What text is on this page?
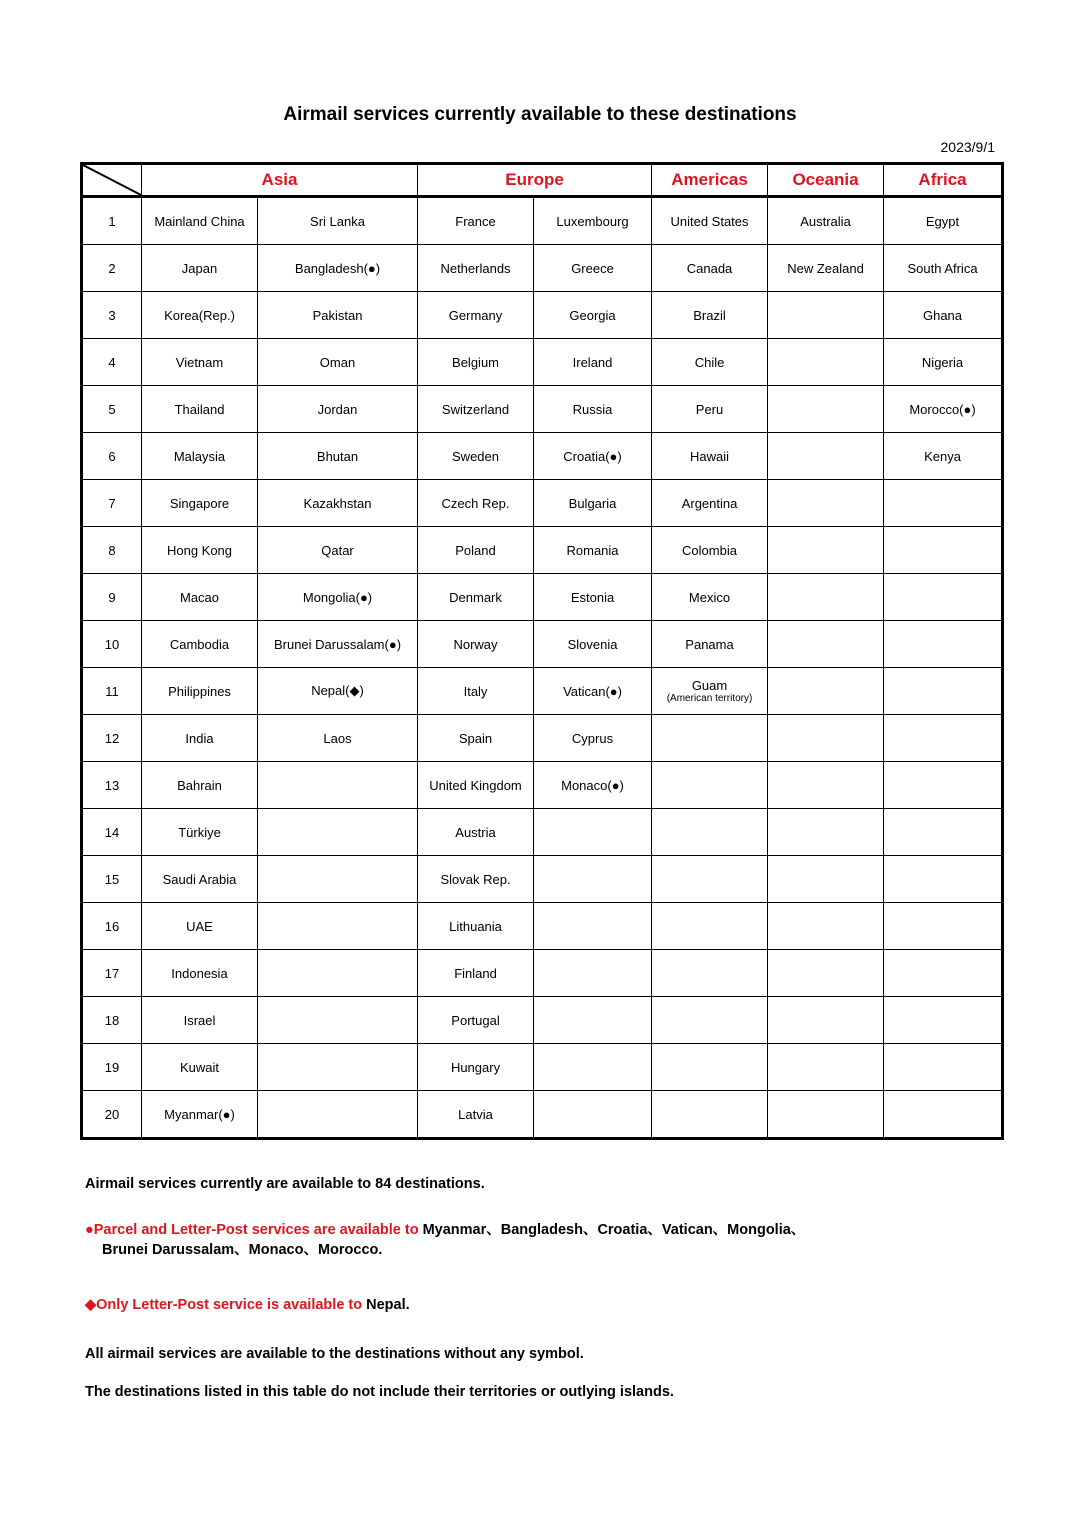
Airmail services currently available to these destinations
2023/9/1
	Asia		Europe		Americas	Oceania	Africa
1	Mainland China	Sri Lanka	France	Luxembourg	United States	Australia	Egypt
2	Japan	Bangladesh(●)	Netherlands	Greece	Canada	New Zealand	South Africa
3	Korea(Rep.)	Pakistan	Germany	Georgia	Brazil		Ghana
4	Vietnam	Oman	Belgium	Ireland	Chile		Nigeria
5	Thailand	Jordan	Switzerland	Russia	Peru		Morocco(●)
6	Malaysia	Bhutan	Sweden	Croatia(●)	Hawaii		Kenya
7	Singapore	Kazakhstan	Czech Rep.	Bulgaria	Argentina		
8	Hong Kong	Qatar	Poland	Romania	Colombia		
9	Macao	Mongolia(●)	Denmark	Estonia	Mexico		
10	Cambodia	Brunei Darussalam(●)	Norway	Slovenia	Panama		
11	Philippines	Nepal(◆)	Italy	Vatican(●)	Guam
(American territory)		

12	India	Laos	Spain	Cyprus			
13	Bahrain		United Kingdom	Monaco(●)			
14	Türkiye		Austria				
15	Saudi Arabia		Slovak Rep.				
16	UAE		Lithuania				
17	Indonesia		Finland				
18	Israel		Portugal				
19	Kuwait		Hungary				
20	Myanmar(●)		Latvia				
Airmail services currently are available to 84 destinations.
●Parcel and Letter-Post services are available to Myanmar、Bangladesh、Croatia、Vatican、Mongolia、
Brunei Darussalam、Monaco、Morocco.
◆Only Letter-Post service is available to Nepal.
All airmail services are available to the destinations without any symbol.
The destinations listed in this table do not include their territories or outlying islands.
